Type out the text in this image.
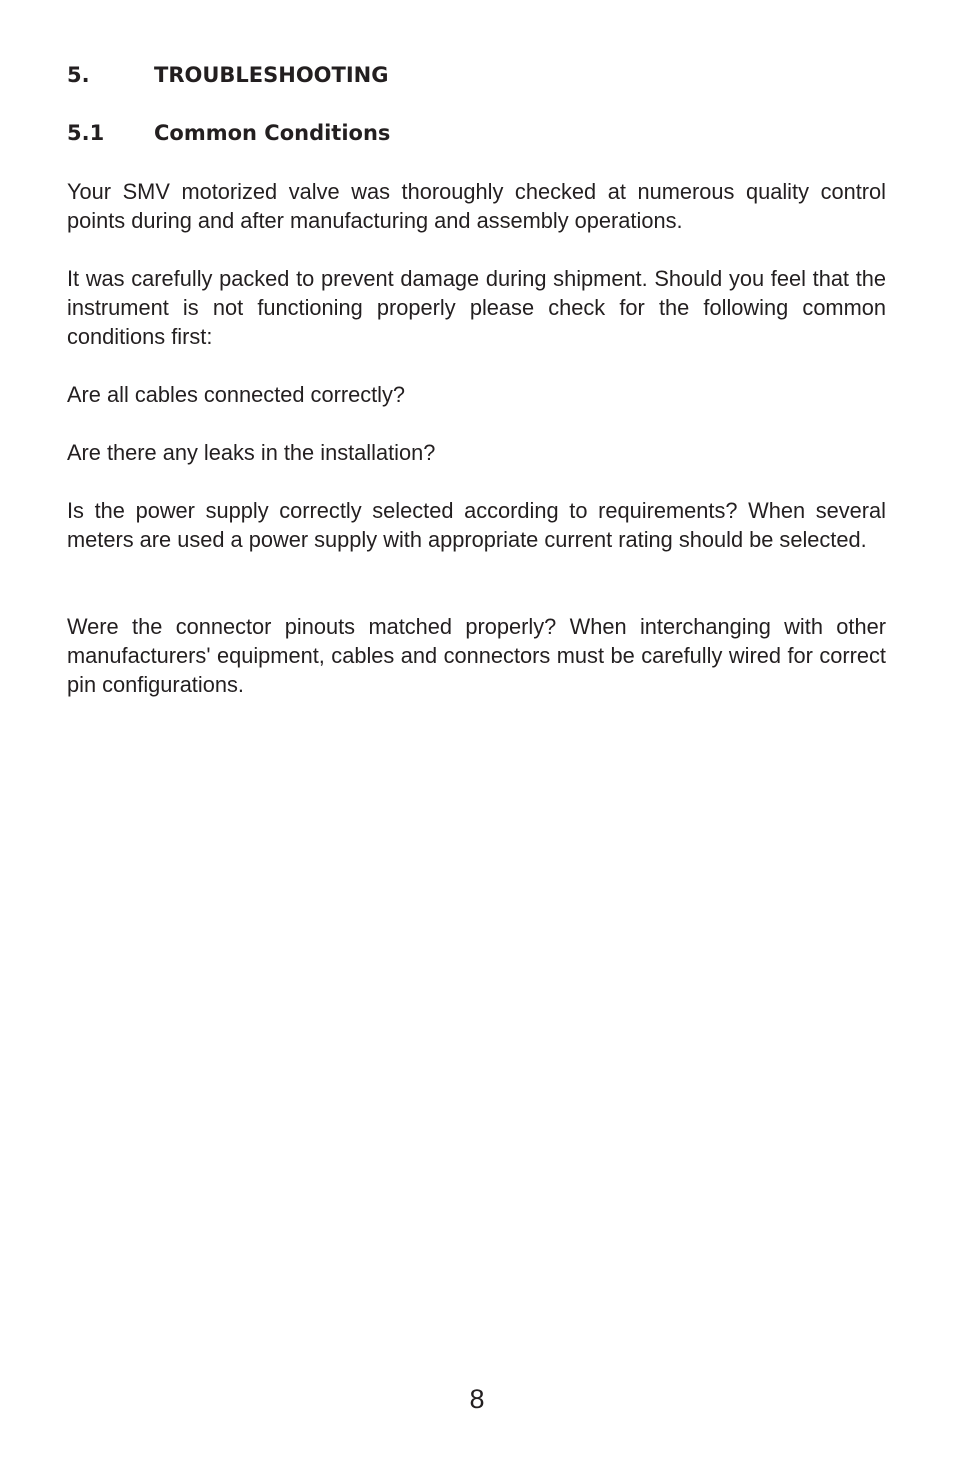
5.	TROUBLESHOOTING
5.1 Common Conditions

Your SMV motorized valve was thoroughly checked at numerous quality control points during and after manufacturing and assembly operations.

It was carefully packed to prevent damage during shipment. Should you feel that the instrument is not functioning properly please check for the following common conditions first:

Are all cables connected correctly?

Are there any leaks in the installation?

Is the power supply correctly selected according to requirements? When several meters are used a power supply with appropriate current rating should be selected.

Were the connector pinouts matched properly? When interchanging with other manufacturers' equipment, cables and connectors must be carefully wired for correct pin configurations.

8
